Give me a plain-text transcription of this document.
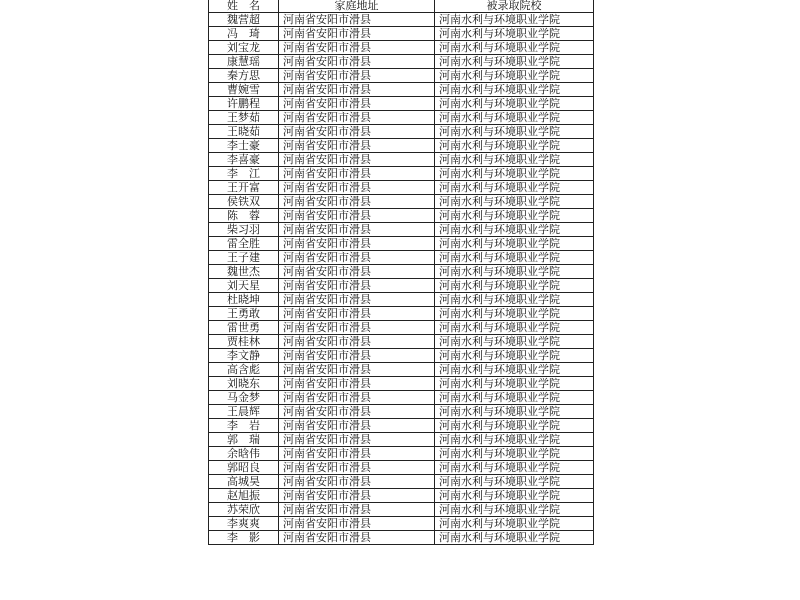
姓　名	家庭地址	被录取院校
魏营超	河南省安阳市滑县	河南水利与环境职业学院
冯　琦	河南省安阳市滑县	河南水利与环境职业学院
刘宝龙	河南省安阳市滑县	河南水利与环境职业学院
康慧瑶	河南省安阳市滑县	河南水利与环境职业学院
秦方思	河南省安阳市滑县	河南水利与环境职业学院
曹婉雪	河南省安阳市滑县	河南水利与环境职业学院
许鹏程	河南省安阳市滑县	河南水利与环境职业学院
王梦茹	河南省安阳市滑县	河南水利与环境职业学院
王晓茹	河南省安阳市滑县	河南水利与环境职业学院
李士豪	河南省安阳市滑县	河南水利与环境职业学院
李喜豪	河南省安阳市滑县	河南水利与环境职业学院
李　江	河南省安阳市滑县	河南水利与环境职业学院
王开富	河南省安阳市滑县	河南水利与环境职业学院
侯铁双	河南省安阳市滑县	河南水利与环境职业学院
陈　蓉	河南省安阳市滑县	河南水利与环境职业学院
柴习羽	河南省安阳市滑县	河南水利与环境职业学院
雷全胜	河南省安阳市滑县	河南水利与环境职业学院
王子建	河南省安阳市滑县	河南水利与环境职业学院
魏世杰	河南省安阳市滑县	河南水利与环境职业学院
刘天星	河南省安阳市滑县	河南水利与环境职业学院
杜晓坤	河南省安阳市滑县	河南水利与环境职业学院
王勇敢	河南省安阳市滑县	河南水利与环境职业学院
雷世勇	河南省安阳市滑县	河南水利与环境职业学院
贾桂林	河南省安阳市滑县	河南水利与环境职业学院
李文静	河南省安阳市滑县	河南水利与环境职业学院
高含彪	河南省安阳市滑县	河南水利与环境职业学院
刘晓东	河南省安阳市滑县	河南水利与环境职业学院
马金梦	河南省安阳市滑县	河南水利与环境职业学院
王晨辉	河南省安阳市滑县	河南水利与环境职业学院
李　岩	河南省安阳市滑县	河南水利与环境职业学院
郭　瑞	河南省安阳市滑县	河南水利与环境职业学院
余晗伟	河南省安阳市滑县	河南水利与环境职业学院
郭昭良	河南省安阳市滑县	河南水利与环境职业学院
高城昊	河南省安阳市滑县	河南水利与环境职业学院
赵旭振	河南省安阳市滑县	河南水利与环境职业学院
苏荣欣	河南省安阳市滑县	河南水利与环境职业学院
李爽爽	河南省安阳市滑县	河南水利与环境职业学院
李　影	河南省安阳市滑县	河南水利与环境职业学院
